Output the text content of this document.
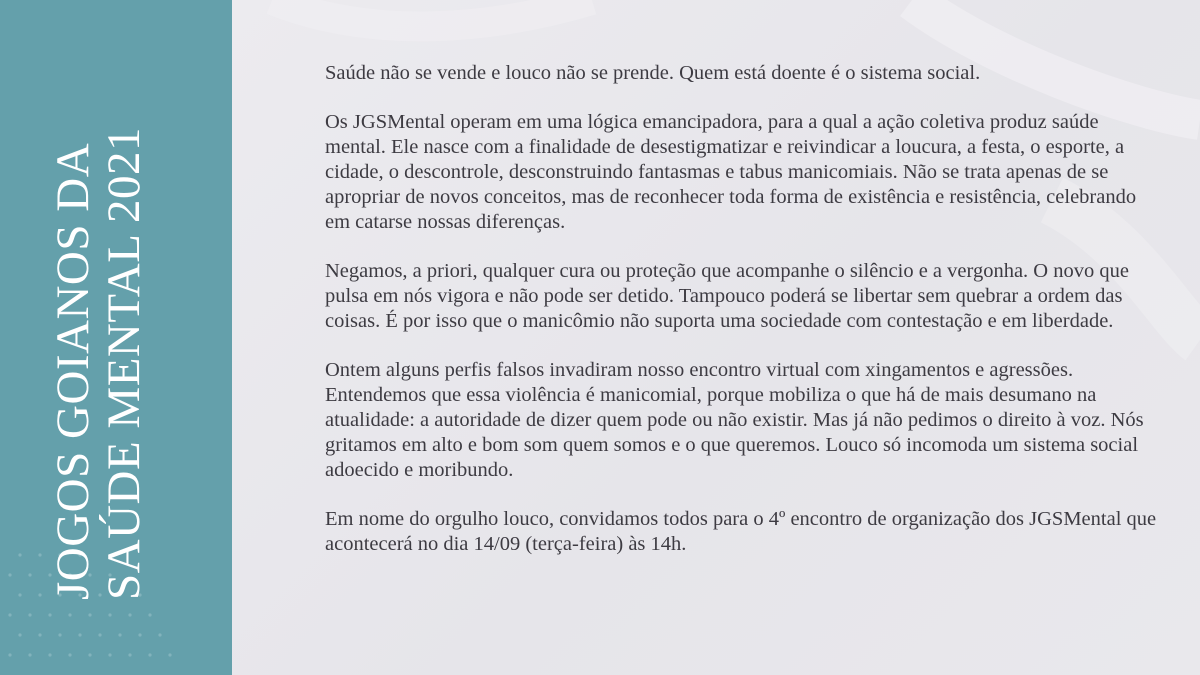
JOGOS GOIANOS DA SAÚDE MENTAL 2021

Saúde não se vende e louco não se prende. Quem está doente é o sistema social.

Os JGSMental operam em uma lógica emancipadora, para a qual a ação coletiva produz saúde mental. Ele nasce com a finalidade de desestigmatizar e reivindicar a loucura, a festa, o esporte, a cidade, o descontrole, desconstruindo fantasmas e tabus manicomiais. Não se trata apenas de se apropriar de novos conceitos, mas de reconhecer toda forma de existência e resistência, celebrando em catarse nossas diferenças.

Negamos, a priori, qualquer cura ou proteção que acompanhe o silêncio e a vergonha. O novo que pulsa em nós vigora e não pode ser detido. Tampouco poderá se libertar sem quebrar a ordem das coisas. É por isso que o manicômio não suporta uma sociedade com contestação e em liberdade.

Ontem alguns perfis falsos invadiram nosso encontro virtual com xingamentos e agressões. Entendemos que essa violência é manicomial, porque mobiliza o que há de mais desumano na atualidade: a autoridade de dizer quem pode ou não existir. Mas já não pedimos o direito à voz. Nós gritamos em alto e bom som quem somos e o que queremos. Louco só incomoda um sistema social adoecido e moribundo.

Em nome do orgulho louco, convidamos todos para o 4º encontro de organização dos JGSMental que acontecerá no dia 14/09 (terça-feira) às 14h.
